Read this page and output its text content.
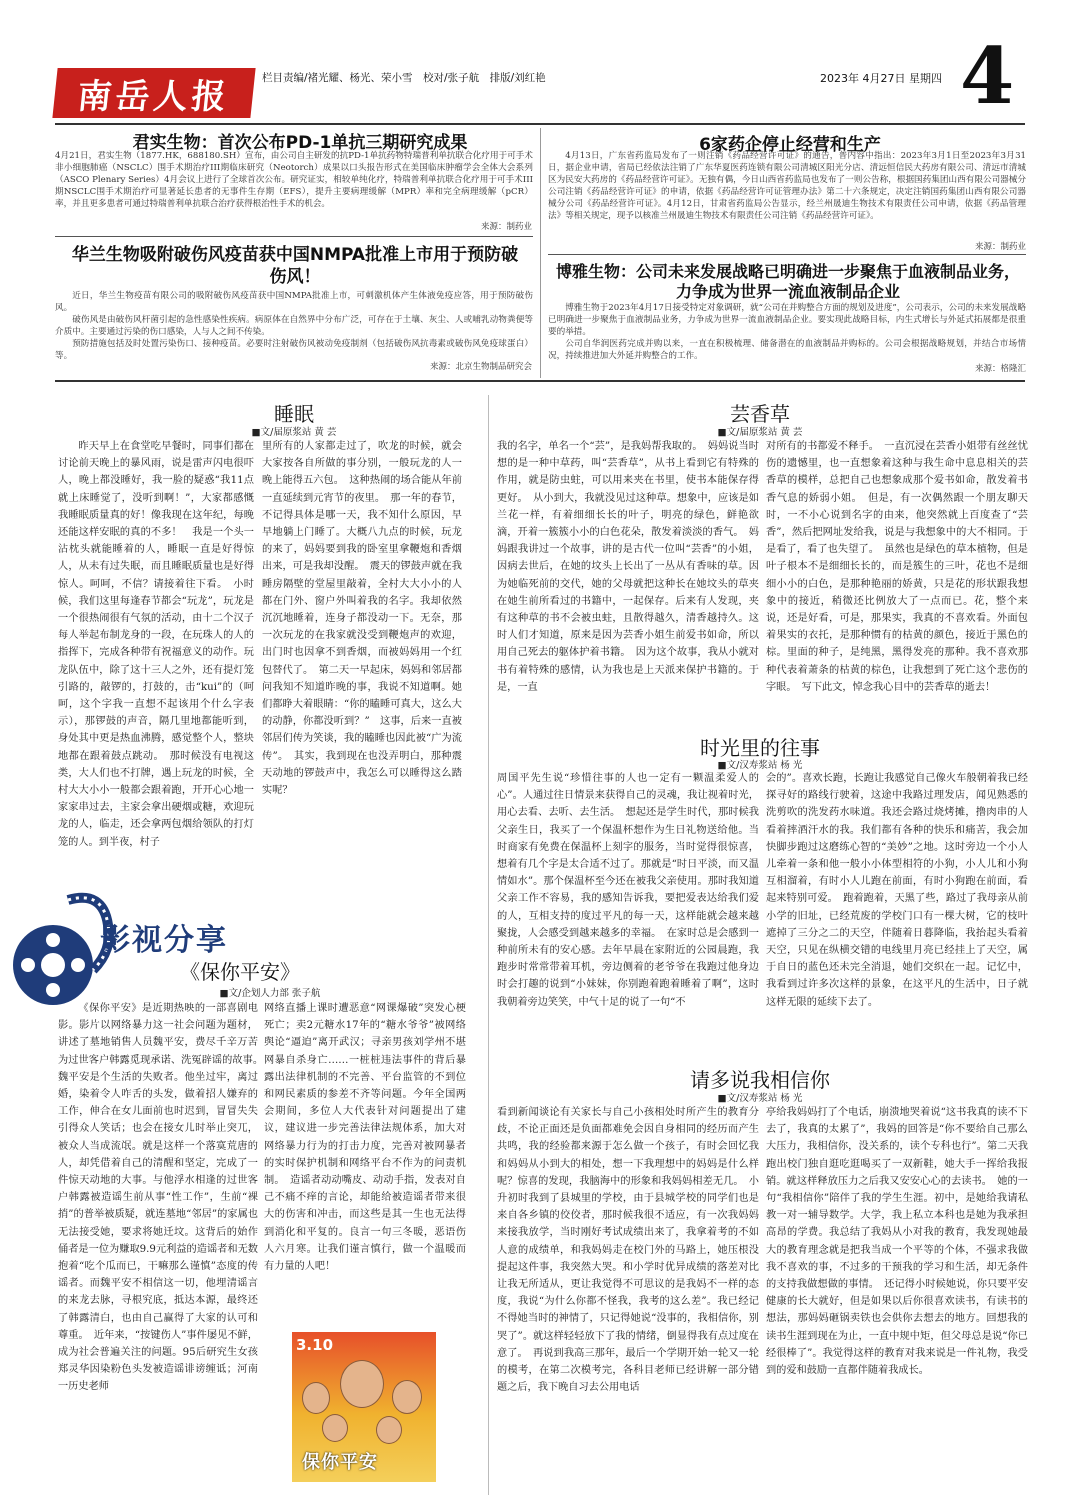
南岳人报	栏目责编/褚光耀、杨光、荣小雪　校对/张子航　排版/刘红艳	2023年 4月27日 星期四 4
君实生物：首次公布PD-1单抗三期研究成果
4月21日，君实生物（1877.HK，688180.SH）宣布，由公司自主研发的抗PD-1单抗药物特瑞普利单抗联合化疗用于可手术非小细胞肺癌（NSCLC）围手术期治疗III期临床研究（Neotorch）成果以口头报告形式在美国临床肿瘤学会全体大会系列（ASCO Plenary Series）4月会议上进行了全球首次公布。研究证实，相较单纯化疗，特瑞普利单抗联合化疗用于可手术III期NSCLC围手术期治疗可显著延长患者的无事件生存期（EFS），提升主要病理缓解（MPR）率和完全病理缓解（pCR）率，并且更多患者可通过特瑞普利单抗联合治疗获得根治性手术的机会。
来源：制药业
华兰生物吸附破伤风疫苗获中国NMPA批准上市用于预防破伤风！
近日，华兰生物疫苗有限公司的吸附破伤风疫苗获中国NMPA批准上市，可刺激机体产生体液免疫应答，用于预防破伤风。
破伤风是由破伤风杆菌引起的急性感染性疾病。病原体在自然界中分布广泛，可存在于土壤、灰尘、人或哺乳动物粪便等介质中。主要通过污染的伤口感染，人与人之间不传染。
预防措施包括及时处置污染伤口、接种疫苗。必要时注射破伤风被动免疫制剂（包括破伤风抗毒素或破伤风免疫球蛋白）等。
来源：北京生物制品研究会
6家药企停止经营和生产
4月13日，广东省药监局发布了一则注销《药品经营许可证》的通告，普内容中指出：2023年3月1日至2023年3月31日，据企业申请，省局已经依法注销了广东华夏医药连锁有限公司清城区阳光分店、清远恒信民大药房有限公司、清远市清城区为民安大药房的《药品经营许可证》。无独有偶，今日山西省药监局也发布了一则公告称，根据国药集团山西有限公司器械分公司注销《药品经营许可证》的申请，依据《药品经营许可证管理办法》第二十六条规定，决定注销国药集团山西有限公司器械分公司《药品经营许可证》。4月12日，甘肃省药监局公告显示，经兰州晟迪生物技术有限责任公司申请，依据《药品管理法》等相关规定，现予以核准兰州晟迪生物技术有限责任公司注销《药品经营许可证》。
来源：制药业
博雅生物：公司未来发展战略已明确进一步聚焦于血液制品业务，力争成为世界一流血液制品企业
博雅生物于2023年4月17日接受特定对象调研，就“公司在并购整合方面的规划及进度”，公司表示，公司的未来发展战略已明确进一步聚焦于血液制品业务，力争成为世界一流血液制品企业。要实现此战略目标，内生式增长与外延式拓展都是很重要的举措。
公司自华润医药完成并购以来，一直在积极梳理、储备潜在的血液制品并购标的。公司会根据战略规划，并结合市场情况，持续推进加大外延并购整合的工作。
来源：格隆汇
睡眠
■文/届原浆站 黄 芸
昨天早上在食堂吃早餐时，同事们都在讨论前天晚上的暴风雨，说是雷声闪电很吓人，晚上都没睡好，我一脸的疑惑“我11点就上床睡觉了，没听到啊！”，大家都感慨我睡眠质量真的好！像我现在这年纪，每晚还能这样安眠的真的不多！　我是一个头一沾枕头就能睡着的人，睡眠一直是好得惊人，从未有过失眠，而且睡眠质量也是好得惊人。呵呵，不信？请接着往下看。　小时候，我们这里每逢春节都会“玩龙”，玩龙是一个很热闹很有气氛的活动，由十二个汉子每人举起布制龙身的一段，在玩珠人的人的指挥下，完成各种带有祝福意义的动作。玩龙队伍中，除了这十三人之外，还有提灯笼引路的，敲锣的，打鼓的，击“kui”的（呵呵，这个字我一直想不起该用个什么字表示），那锣鼓的声音，隔几里地都能听到，身处其中更是热血沸腾，感觉整个人，整块地都在跟着鼓点跳动。　那时候没有电视这类，大人们也不打牌，遇上玩龙的时候，全村大大小小一般都会跟着跑，开开心心地一家家串过去，主家会拿出硬烟或糖，欢迎玩龙的人，临走，还会拿两包烟给领队的打灯笼的人。到半夜，村子
里所有的人家都走过了，吹龙的时候，就会大家按各自所做的事分别，一般玩龙的人一晚上能得五六包。　这种热闹的场合能从年前一直延续到元宵节的夜里。　那一年的春节，不记得具体是哪一天，我不知什么原因，早早地躺上门睡了。大概八九点的时候，玩龙的来了，妈妈要到我的卧室里拿鞭炮和香烟出来，可是我却没醒。　震天的锣鼓声就在我睡房隔壁的堂屋里敲着，全村大大小小的人都在门外、窗户外叫着我的名字。我却依然沉沉地睡着，连身子都没动一下。无奈，那一次玩龙的在我家就没受到鞭炮声的欢迎，出门时也因拿不到香烟，而被妈妈用一个红包替代了。　第二天一早起床，妈妈和邻居都问我知不知道昨晚的事，我说不知道啊。她们都睁大着眼睛：“你的瞌睡可真大，这么大的动静，你都没听到？”　这事，后来一直被邻居们传为笑谈，我的瞌睡也因此被“广为流传”。　其实，我到现在也没弄明白，那种震天动地的锣鼓声中，我怎么可以睡得这么踏实呢？
芸香草
■文/届原浆站 黄 芸
我的名字，单名一个“芸”，是我妈帮我取的。　妈妈说当时想的是一种中草药，叫“芸香草”，从书上看到它有特殊的作用，就是防虫蛀，可以用来夹在书里，使书本能保存得更好。　从小到大，我就没见过这种草。想象中，应该是如兰花一样，有着细细长长的叶子，明亮的绿色，鲜艳欲滴，开着一簇簇小小的白色花朵，散发着淡淡的香气。　妈妈跟我讲过一个故事，讲的是古代一位叫“芸香”的小姐，因病去世后，在她的坟头上长出了一丛从有香味的草。因为她临死前的交代，她的父母就把这种长在她坟头的草夹在她生前所看过的书籍中，一起保存。后来有人发现，夹有这种草的书不会被虫蛀，且散得越久，清香越持久。这时人们才知道，原来是因为芸香小姐生前爱书如命，所以用自己死去的躯体护着书籍。　因为这个故事，我从小就对书有着特殊的感情，认为我也是上天派来保护书籍的。于是，一直
对所有的书都爱不释手。　一直沉浸在芸香小姐带有丝丝忧伤的遗憾里，也一直想象着这种与我生命中息息相关的芸香草的模样，总把自己也想象成那个爱书如命，散发着书香气息的娇弱小姐。　但是，有一次偶然跟一个朋友聊天时，一不小心说到名字的由来，他突然就上百度查了“芸香”，然后把网址发给我，说是与我想象中的大不相同。于是看了，看了也失望了。　虽然也是绿色的草本植物，但是叶子根本不是细细长长的，而是簇生的三叶，花也不是细细小小的白色，是那种艳丽的娇黄，只是花的形状跟我想象中的接近，稍微还比例放大了一点而已。花，整个来说，还是好看，可是，那果实，我真的不喜欢看。外面包着果实的衣托，是那种惯有的枯黄的颜色，接近于黑色的棕。里面的种子，是纯黑，黑得发亮的那种。我不喜欢那种代表着萧条的枯黄的棕色，让我想到了死亡这个悲伤的字眼。　写下此文，悼念我心目中的芸香草的逝去！
时光里的往事
■文/汉寿浆站 杨 光
周国平先生说“珍惜往事的人也一定有一颗温柔爱人的心”。人通过往日情景来获得自己的灵魂，我让视着时光，用心去看、去听、去生活。　想起还是学生时代，那时候我父亲生日，我买了一个保温杯想作为生日礼物送给他。当时商家有免费在保温杯上刻字的服务，当时觉得很惊喜，想着有几个字是太合适不过了。那就是“时日平淡，而又温情如水”。那个保温杯至今还在被我父亲使用。那时我知道父亲工作不容易，我的感知告诉我，要把爱表达给我们爱的人，互相支持的度过平凡的每一天，这样能就会越来越聚拢，人会感受到越来越多的幸福。　在家时总是会感到一种前所未有的安心感。去年早晨在家附近的公园晨跑，我跑步时常常带着耳机，旁边侧着的老爷爷在我跑过他身边时会打趣的说到“小妹妹，你别跑着跑着睡着了啊”，这时我朝着旁边笑笑，中气十足的说了一句“不
会的”。喜欢长跑，长跑让我感觉自己像火车般朝着我已经探寻好的路线行驶着，这途中我路过理发店，闻见熟悉的洗剪吹的洗发药水味道。我还会路过烧烤摊，撸肉串的人看着摔酒汗水的我。我们都有各种的快乐和痛苦，我会加快脚步跑过这磨练心智的“美妙”之地。这时旁边一个小人儿牵着一条和他一般小小体型相符的小狗，小人儿和小狗互相溜着，有时小人儿跑在前面，有时小狗跑在前面，看起来特别可爱。　跑着跑着，天黑了些，路过了我母亲从前小学的旧址，已经荒废的学校门口有一棵大树，它的枝叶遮掉了三分之二的天空，伴随着日暮降临，我抬起头看着天空，只见在纵横交错的电线里月亮已经挂上了天空，属于自日的蓝色还未完全消退，她们交织在一起。记忆中，我看到过许多次这样的景象，在这平凡的生活中，日子就这样无限的延续下去了。
请多说我相信你
■文/汉寿浆站 杨 光
看到新闻谈论有关家长与自己小孩相处时所产生的教育分歧，不论正面还是负面都难免会因自身相同的经历而产生共鸣，我的经验都来源于怎么做一个孩子，有时会回忆我和妈妈从小到大的相处，想一下我理想中的妈妈是什么样呢？惊喜的发现，我脑海中的形象和我妈妈相差无几。　小升初时我到了县城里的学校，由于县城学校的同学们也是来自各乡镇的佼佼者，那时候我很不适应，有一次我妈妈来接我放学，当时刚好考试成绩出来了，我拿着考的不如人意的成绩单，和我妈妈走在校门外的马路上，她压根没提起这件事，我突然大哭。和小学时优异成绩的落差对比让我无所适从，更让我觉得不可思议的是我妈不一样的态度，我说“为什么你都不怪我，我考的这么差”。我已经记不得她当时的神情了，只记得她说“没事的，我相信你，别哭了”。就这样轻轻放下了我的情绪，倒显得我有点过度在意了。　再说到我高三那年，最后一个学期开始一轮又一轮的模考，在第二次模考完，各科目老师已经讲解一部分错题之后，我下晚自习去公用电话
亭给我妈妈打了个电话，崩溃地哭着说“这书我真的读不下去了，我真的太累了”，我妈的回答是“你不要给自己那么大压力，我相信你，没关系的，读个专科也行”。第二天我跑出校门独自逛吃逛喝买了一双新鞋，她大手一挥给我报销。就这样释放压力之后我又安安心心的去读书。　她的一句“我相信你”陪伴了我的学生生涯。初中，是她给我请私教一对一辅导数学。大学，我上私立本科也是她为我承担高昂的学费。我总结了我妈从小对我的教育，我发现她最大的教育理念就是把我当成一个平等的个体，不强求我做我不喜欢的事，不过多的干预我的学习和生活，却无条件的支持我做想做的事情。　还记得小时候她说，你只要平安健康的长大就好，但是如果以后你很喜欢读书，有读书的想法，那妈妈砸锅卖铁也会供你去想去的地方。回想我的读书生涯到现在为止，一直中规中矩，但父母总是说“你已经很棒了”。我觉得这样的教育对我来说是一件礼物，我受到的爱和鼓励一直都伴随着我成长。
影视分享
《保你平安》
■文/企划人力部 张子航
《保你平安》是近期热映的一部喜剧电影。影片以网络暴力这一社会问题为题材，讲述了墓地销售人员魏平安，费尽千辛万苦为过世客户韩露觅现承诺、洗冤辟谣的故事。　魏平安是个生活的失败者。他坐过牢，离过婚，染着令人咋舌的头发，做着招人嫌弃的工作，伸合在女儿面前也时迟到，冒冒失失引得众人笑话；也会在接女儿时举止突兀，被众人当成流氓。就是这样一个落寞荒唐的人，却凭借着自己的清醒和坚定，完成了一件惊天动地的大事。与他浮水相逢的过世客户韩露被造谣生前从事“性工作”，生前“裸捎”的普举被质疑，就连墓地“邻居”的家属也无法接受她，要求将她迁坟。这背后的始作俑者是一位为赚取9.9元利益的造谣者和无数抱着“吃个瓜而已，干嘛那么谨慎”态度的传谣者。而魏平安不相信这一切，他埋清谣言的来龙去脉，寻根究底，抵达本源，最终还了韩露清白，也由自己赢得了大家的认可和尊重。　近年来，“按键伤人”事件屡见不鲜，成为社会普遍关注的问题。95后研究生女孩郑灵华因染粉色头发被造谣诽谤缠诋；河南一历史老师
网络直播上课时遭恶意“网课爆破”突发心梗死亡；卖2元糖水17年的“糖水爷爷”被网络舆论“逼迫”离开武汉；寻亲男孩刘学州不堪网暴自杀身亡……一桩桩违法事件的背后暴露出法律机制的不完善、平台监管的不到位和网民素质的参差不齐等问题。今年全国两会期间，多位人大代表针对问题提出了建议，建议进一步完善法律法规体系，加大对网络暴力行为的打击力度，完善对被网暴者的实时保护机制和网络平台不作为的问责机制。　造谣者动动嘴皮、动动手指，发表对自己不痛不痒的言论，却能给被造谣者带来很大的伤害和冲击，而这些是其一生也无法得到消化和平复的。良言一句三冬暖，恶语伤人六月寒。让我们谨言慎行，做一个温暖而有力量的人吧！
3.10
保你平安
